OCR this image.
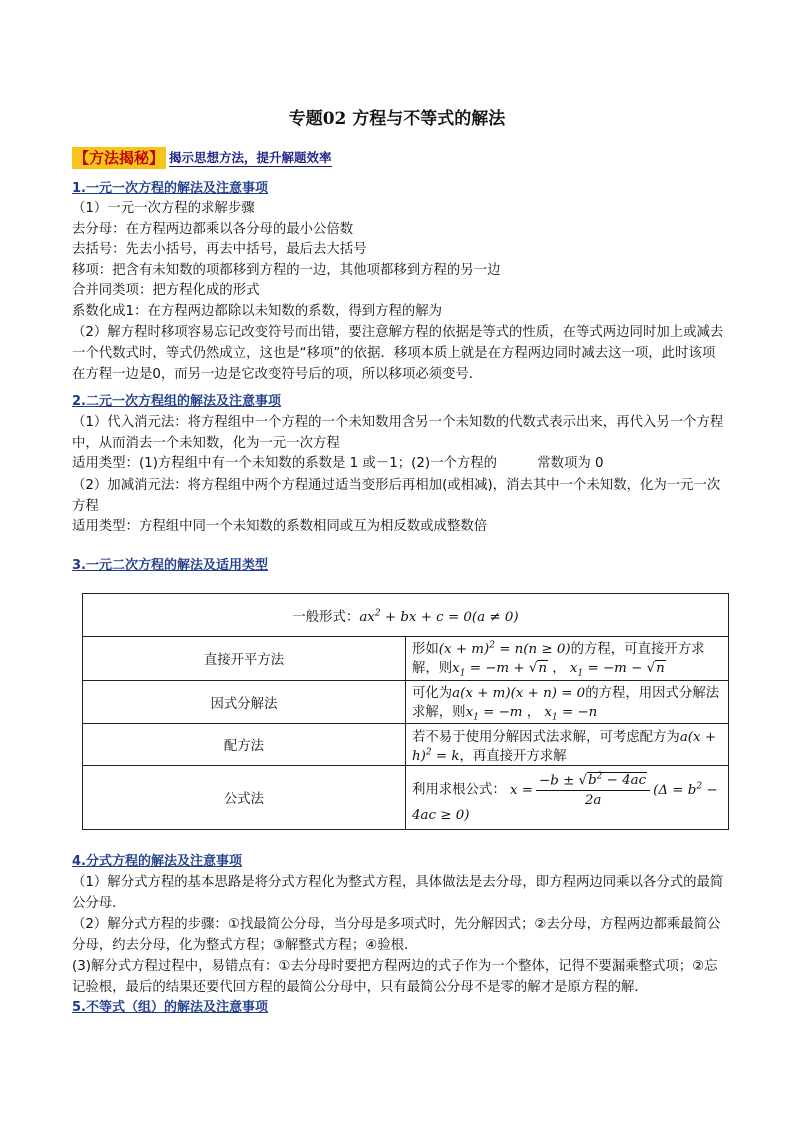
专题02 方程与不等式的解法
【方法揭秘】 揭示思想方法，提升解题效率
1.一元一次方程的解法及注意事项
（1）一元一次方程的求解步骤
去分母：在方程两边都乘以各分母的最小公倍数
去括号：先去小括号，再去中括号，最后去大括号
移项：把含有未知数的项都移到方程的一边，其他项都移到方程的另一边
合并同类项：把方程化成的形式
系数化成1：在方程两边都除以未知数的系数，得到方程的解为
（2）解方程时移项容易忘记改变符号而出错，要注意解方程的依据是等式的性质，在等式两边同时加上或减去一个代数式时，等式仍然成立，这也是“移项”的依据．移项本质上就是在方程两边同时减去这一项，此时该项在方程一边是0，而另一边是它改变符号后的项，所以移项必须变号．
2.二元一次方程组的解法及注意事项
（1）代入消元法：将方程组中一个方程的一个未知数用含另一个未知数的代数式表示出来，再代入另一个方程中，从而消去一个未知数，化为一元一次方程
适用类型：(1)方程组中有一个未知数的系数是 1 或－1；(2)一个方程的　　　常数项为 0
（2）加减消元法：将方程组中两个方程通过适当变形后再相加(或相减)，消去其中一个未知数，化为一元一次方程
适用类型：方程组中同一个未知数的系数相同或互为相反数或成整数倍
3.一元二次方程的解法及适用类型
一般形式：$ax^2$ + bx + c = 0(a ≠ 0)	
直接开平方法	形如$(x + m)^2 = n(n \ge 0)$的方程，可直接开方求解，则$x_1 = -m + √n$ ， $x_1 = -m - √n$
因式分解法	可化为a(x + m)(x + n) = 0的方程，用因式分解法求解，则$x_1 = -m$ ， $x_1 = -n$
配方法	若不易于使用分解因式法求解，可考虑配方为$a(x + h)^2 = k$，再直接开方求解
公式法	利用求根公式： $x = \frac{-b \pm √b^2 - 4ac}{2a} (\Delta = b^2 - 4ac \ge 0)$
4.分式方程的解法及注意事项
（1）解分式方程的基本思路是将分式方程化为整式方程，具体做法是去分母，即方程两边同乘以各分式的最简公分母．
（2）解分式方程的步骤：①找最简公分母，当分母是多项式时，先分解因式；②去分母，方程两边都乘最简公分母，约去分母，化为整式方程；③解整式方程；④验根．
(3)解分式方程过程中，易错点有：①去分母时要把方程两边的式子作为一个整体，记得不要漏乘整式项；②忘记验根，最后的结果还要代回方程的最简公分母中，只有最简公分母不是零的解才是原方程的解．
5.不等式（组）的解法及注意事项
